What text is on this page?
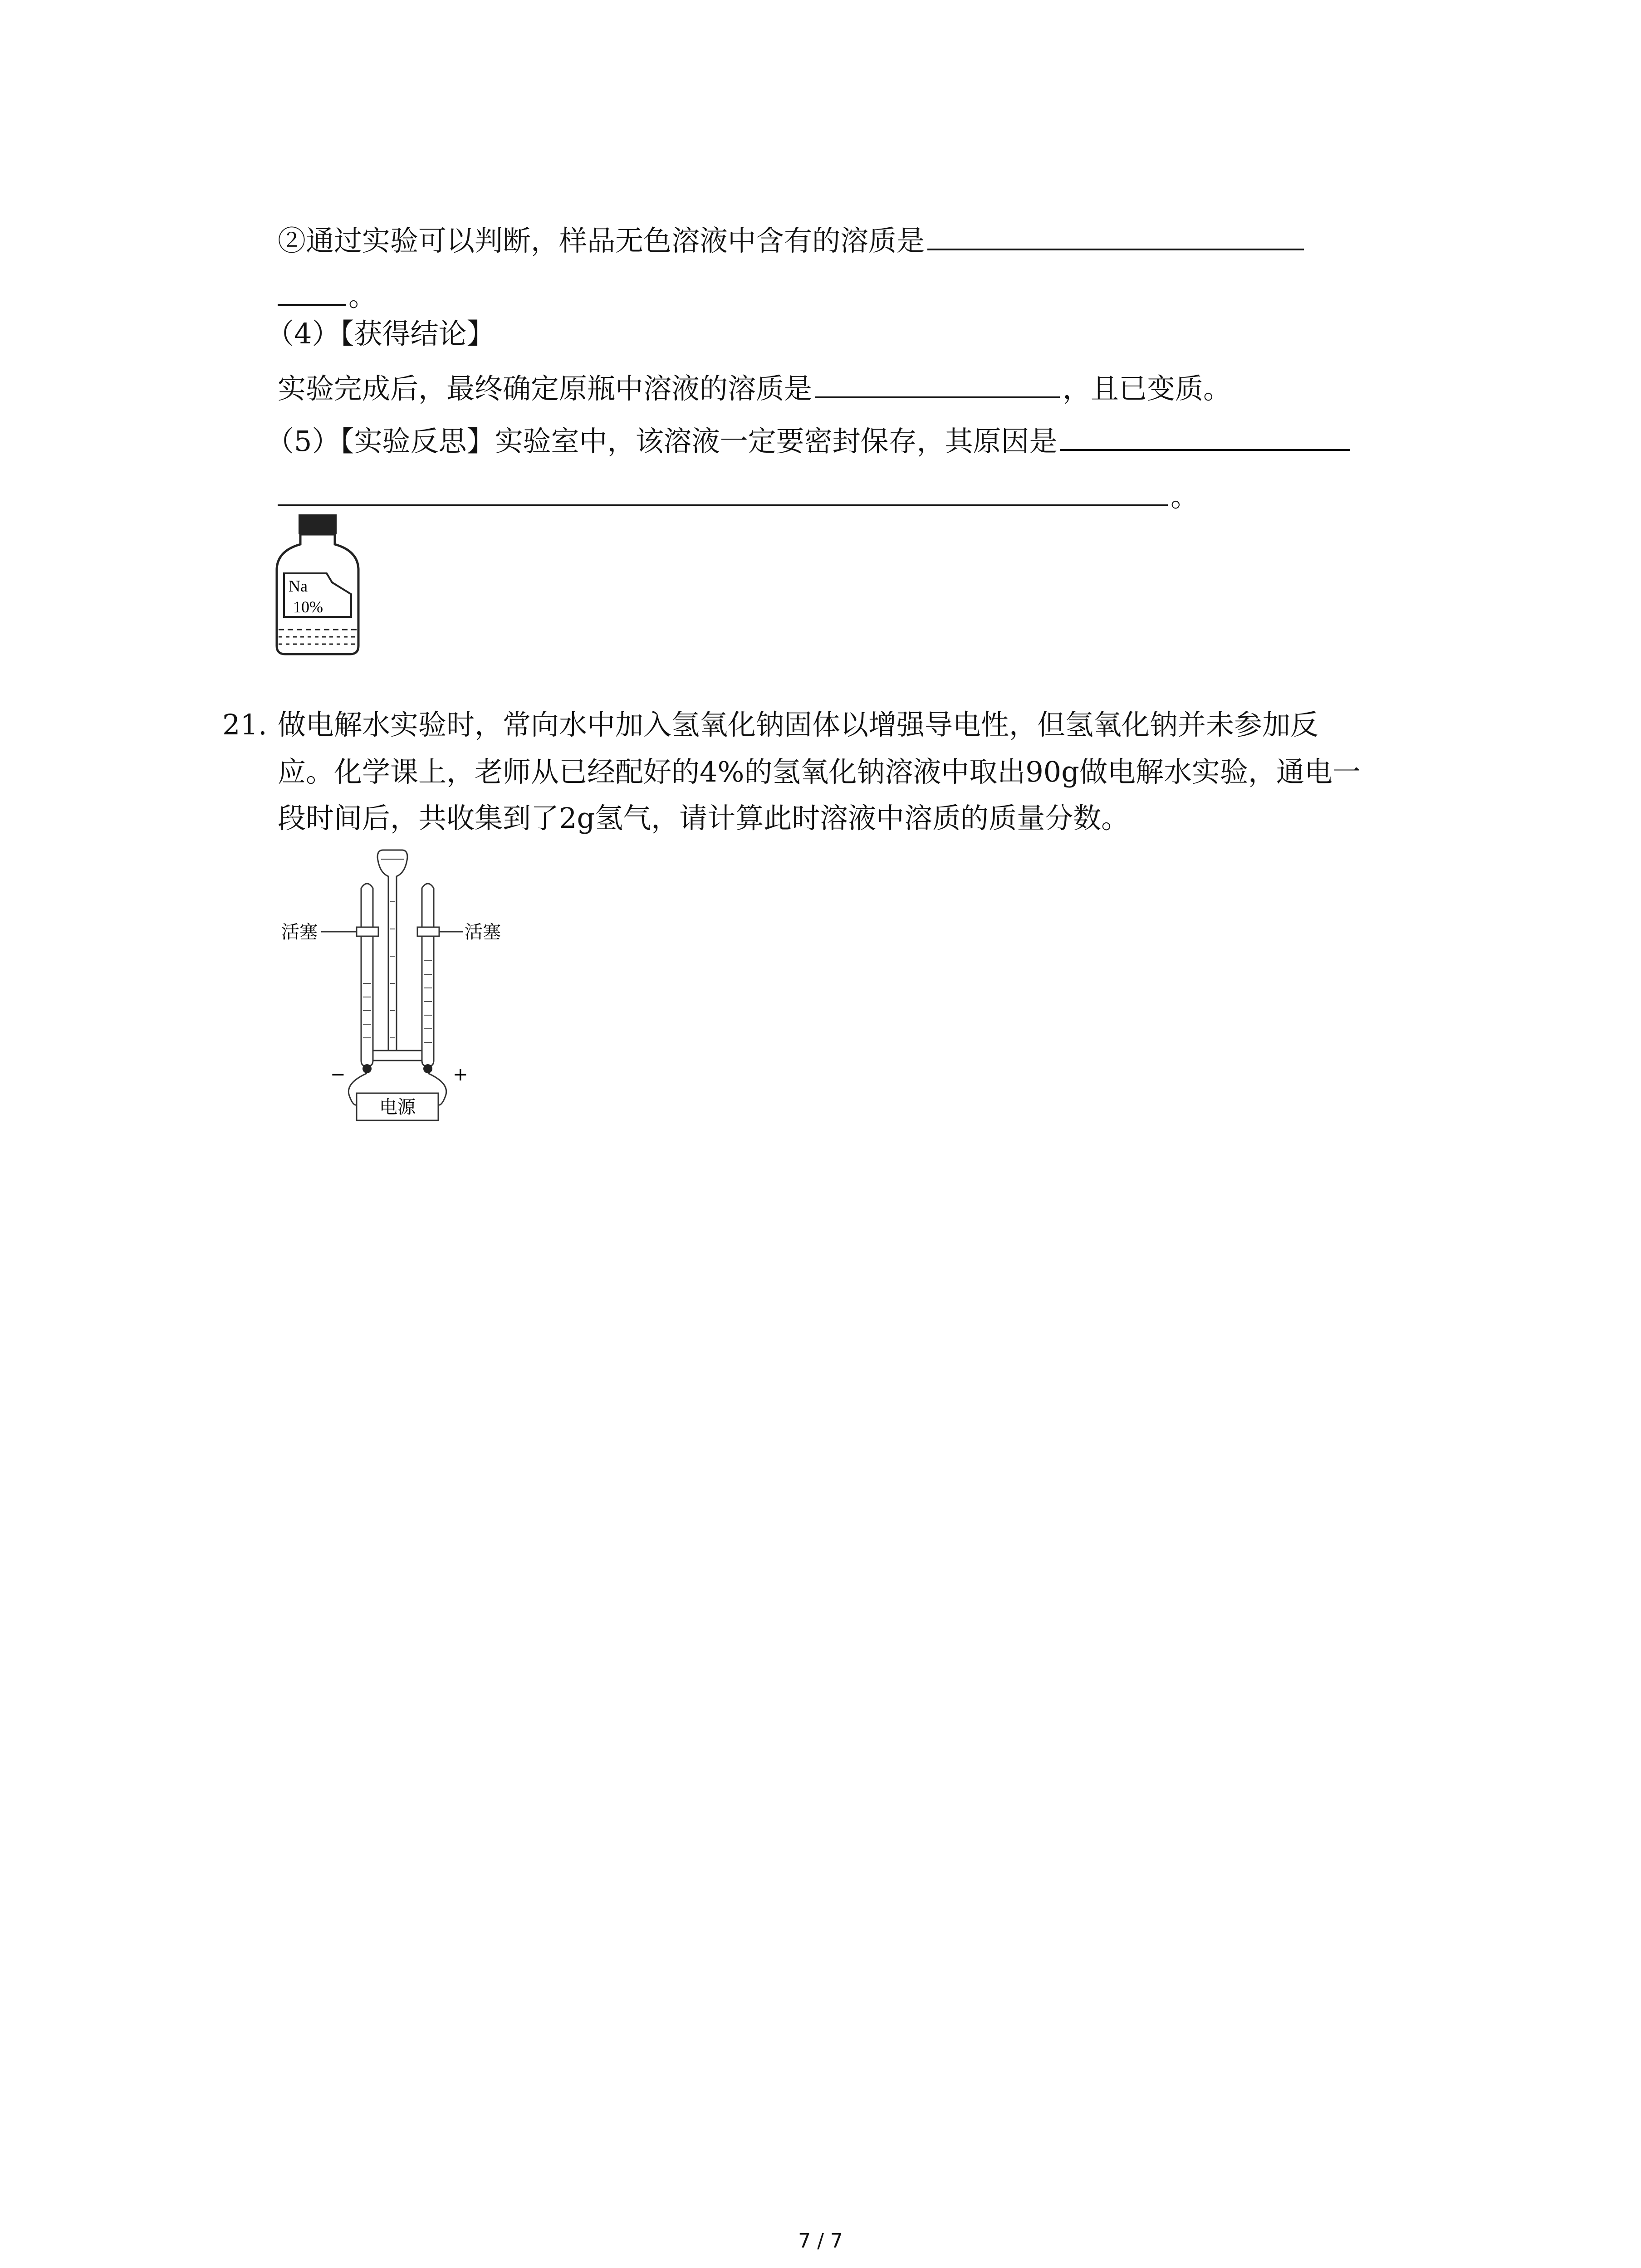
②通过实验可以判断，样品无色溶液中含有的溶质是
。
（4）【获得结论】
实验完成后，最终确定原瓶中溶液的溶质是	，且已变质。
（5）【实验反思】实验室中，该溶液一定要密封保存，其原因是
。
Na
10%
21. 做电解水实验时，常向水中加入氢氧化钠固体以增强导电性，但氢氧化钠并未参加反
应。化学课上，老师从已经配好的4%的氢氧化钠溶液中取出90g做电解水实验，通电一
段时间后，共收集到了2g氢气，请计算此时溶液中溶质的质量分数。
活塞	活塞
−	+
电源
7 / 7
